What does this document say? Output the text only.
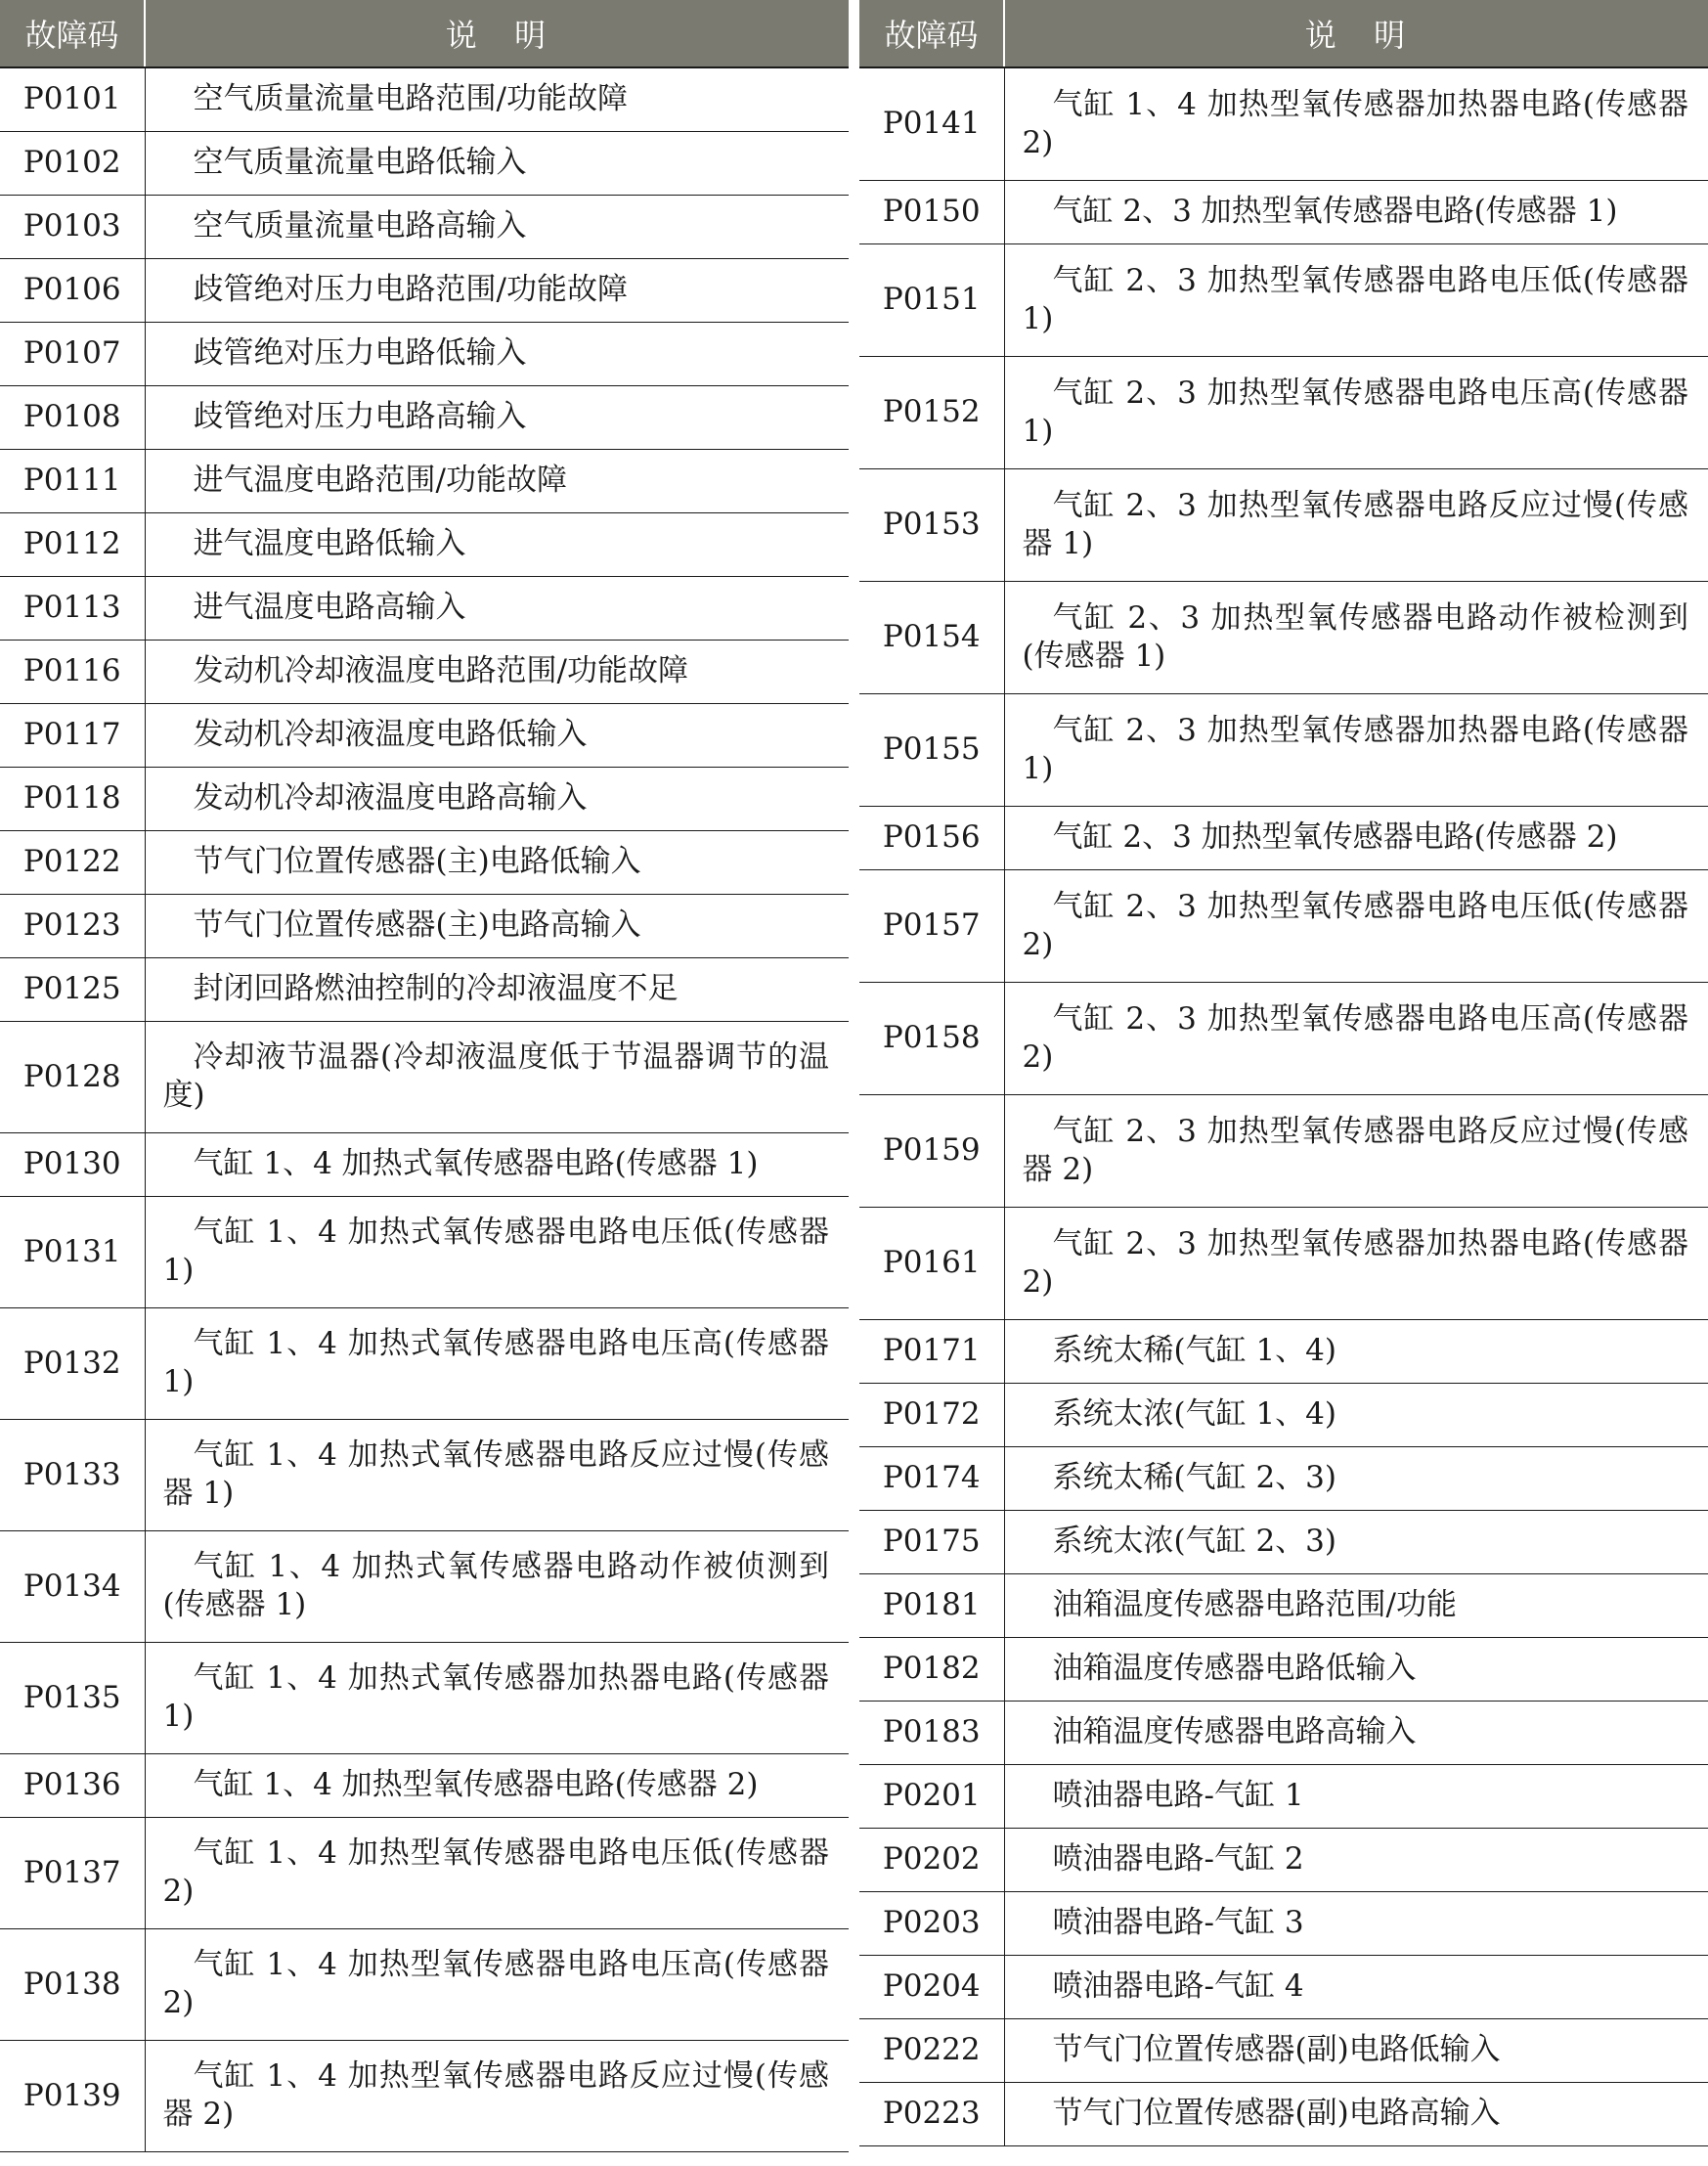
故障码	说　明
P0101	空气质量流量电路范围/功能故障
P0102	空气质量流量电路低输入
P0103	空气质量流量电路高输入
P0106	歧管绝对压力电路范围/功能故障
P0107	歧管绝对压力电路低输入
P0108	歧管绝对压力电路高输入
P0111	进气温度电路范围/功能故障
P0112	进气温度电路低输入
P0113	进气温度电路高输入
P0116	发动机冷却液温度电路范围/功能故障
P0117	发动机冷却液温度电路低输入
P0118	发动机冷却液温度电路高输入
P0122	节气门位置传感器(主)电路低输入
P0123	节气门位置传感器(主)电路高输入
P0125	封闭回路燃油控制的冷却液温度不足
P0128	冷却液节温器(冷却液温度低于节温器调节的温度)
P0130	气缸 1、4 加热式氧传感器电路(传感器 1)
P0131	气缸 1、4 加热式氧传感器电路电压低(传感器 1)
P0132	气缸 1、4 加热式氧传感器电路电压高(传感器 1)
P0133	气缸 1、4 加热式氧传感器电路反应过慢(传感器 1)
P0134	气缸 1、4 加热式氧传感器电路动作被侦测到(传感器 1)
P0135	气缸 1、4 加热式氧传感器加热器电路(传感器 1)
P0136	气缸 1、4 加热型氧传感器电路(传感器 2)
P0137	气缸 1、4 加热型氧传感器电路电压低(传感器 2)
P0138	气缸 1、4 加热型氧传感器电路电压高(传感器 2)
P0139	气缸 1、4 加热型氧传感器电路反应过慢(传感器 2)
故障码	说　明
P0141	气缸 1、4 加热型氧传感器加热器电路(传感器 2)
P0150	气缸 2、3 加热型氧传感器电路(传感器 1)
P0151	气缸 2、3 加热型氧传感器电路电压低(传感器 1)
P0152	气缸 2、3 加热型氧传感器电路电压高(传感器 1)
P0153	气缸 2、3 加热型氧传感器电路反应过慢(传感器 1)
P0154	气缸 2、3 加热型氧传感器电路动作被检测到(传感器 1)
P0155	气缸 2、3 加热型氧传感器加热器电路(传感器 1)
P0156	气缸 2、3 加热型氧传感器电路(传感器 2)
P0157	气缸 2、3 加热型氧传感器电路电压低(传感器 2)
P0158	气缸 2、3 加热型氧传感器电路电压高(传感器 2)
P0159	气缸 2、3 加热型氧传感器电路反应过慢(传感器 2)
P0161	气缸 2、3 加热型氧传感器加热器电路(传感器 2)
P0171	系统太稀(气缸 1、4)
P0172	系统太浓(气缸 1、4)
P0174	系统太稀(气缸 2、3)
P0175	系统太浓(气缸 2、3)
P0181	油箱温度传感器电路范围/功能
P0182	油箱温度传感器电路低输入
P0183	油箱温度传感器电路高输入
P0201	喷油器电路-气缸 1
P0202	喷油器电路-气缸 2
P0203	喷油器电路-气缸 3
P0204	喷油器电路-气缸 4
P0222	节气门位置传感器(副)电路低输入
P0223	节气门位置传感器(副)电路高输入
